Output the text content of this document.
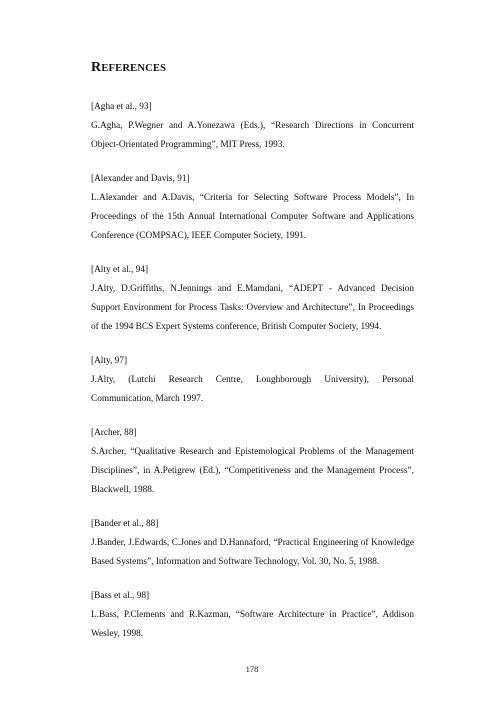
REFERENCES
[Agha et al., 93]
G.Agha, P.Wegner and A.Yonezawa (Eds.), “Research Directions in Concurrent Object-Orientated Programming”, MIT Press, 1993.
[Alexander and Davis, 91]
L.Alexander and A.Davis, “Criteria for Selecting Software Process Models”, In Proceedings of the 15th Annual International Computer Software and Applications Conference (COMPSAC), IEEE Computer Society, 1991.
[Alty et al., 94]
J.Alty, D.Griffiths, N.Jennings and E.Mamdani, “ADEPT - Advanced Decision Support Environment for Process Tasks: Overview and Architecture”, In Proceedings of the 1994 BCS Expert Systems conference, British Computer Society, 1994.
[Alty, 97]
J.Alty, (Lutchi Research Centre, Loughborough University), Personal Communication, March 1997.
[Archer, 88]
S.Archer, “Qualitative Research and Epistemological Problems of the Management Disciplines”, in A.Petigrew (Ed.), “Competitiveness and the Management Process”, Blackwell, 1988.
[Bander et al., 88]
J.Bander, J.Edwards, C.Jones and D.Hannaford, “Practical Engineering of Knowledge Based Systems”, Information and Software Technology, Vol. 30, No. 5, 1988.
[Bass et al., 98]
L.Bass, P.Clements and R.Kazman, “Software Architecture in Practice”, Addison Wesley, 1998.
178
